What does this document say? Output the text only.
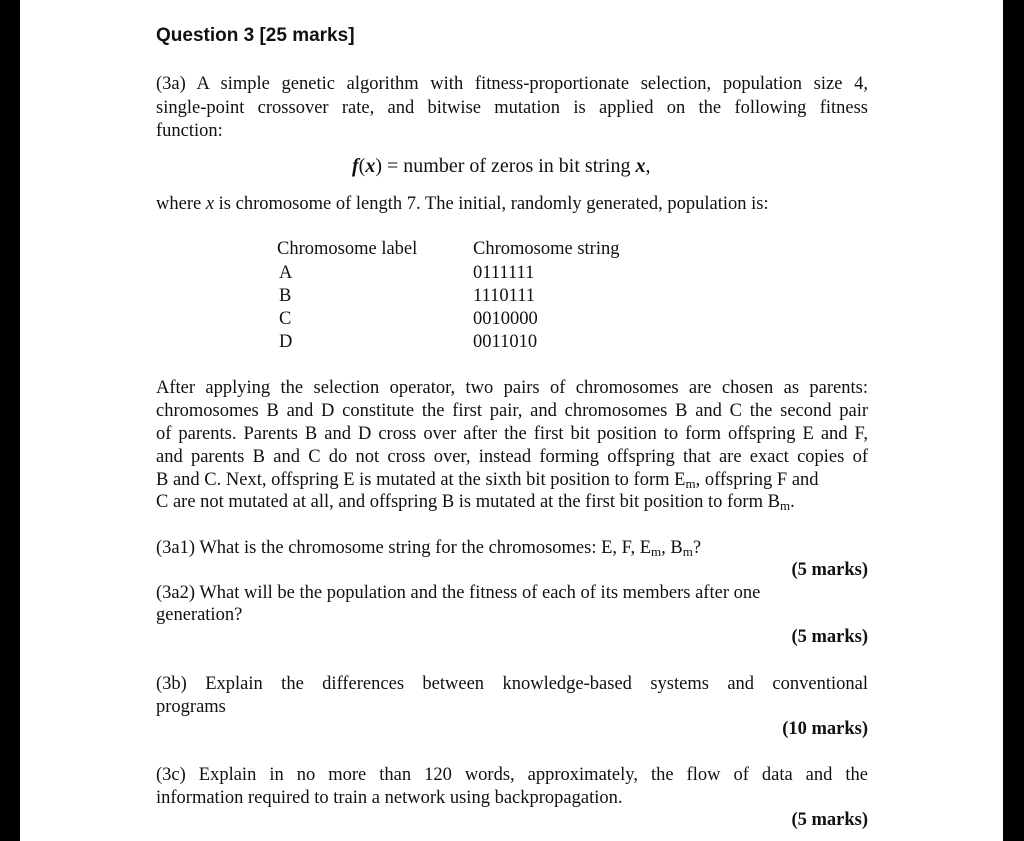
Question 3 [25 marks]
(3a) A simple genetic algorithm with fitness-proportionate selection, population size 4,
single-point crossover rate, and bitwise mutation is applied on the following fitness
function:
f(x) = number of zeros in bit string x,
where x is chromosome of length 7. The initial, randomly generated, population is:
Chromosome label	Chromosome string
A	0111111
B	1110111
C	0010000
D	0011010
After applying the selection operator, two pairs of chromosomes are chosen as parents:
chromosomes B and D constitute the first pair, and chromosomes B and C the second pair
of parents. Parents B and D cross over after the first bit position to form offspring E and F,
and parents B and C do not cross over, instead forming offspring that are exact copies of
B and C. Next, offspring E is mutated at the sixth bit position to form $E_m$, offspring F and
C are not mutated at all, and offspring B is mutated at the first bit position to form $B_m$.
(3a1) What is the chromosome string for the chromosomes: E, F, $E_m$, $B_m$?
(5 marks)
(3a2) What will be the population and the fitness of each of its members after one
generation?
(5 marks)
(3b) Explain the differences between knowledge-based systems and conventional
programs
(10 marks)
(3c) Explain in no more than 120 words, approximately, the flow of data and the
information required to train a network using backpropagation.
(5 marks)
